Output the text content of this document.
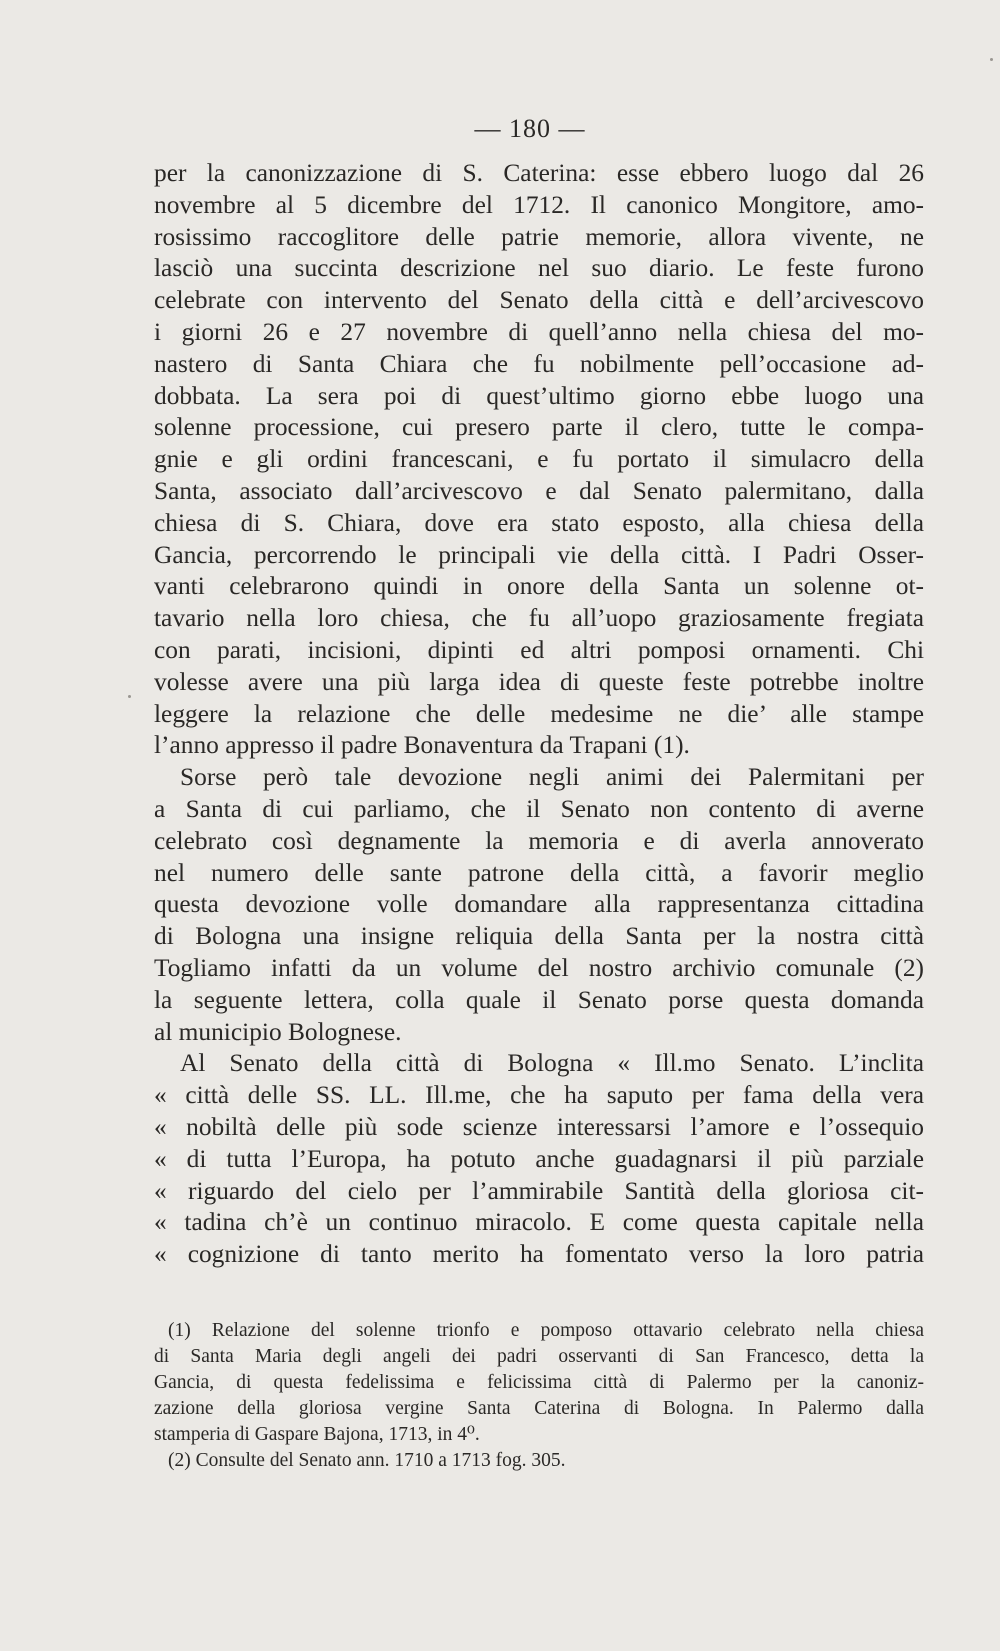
— 180 —
per la canonizzazione di S. Caterina: esse ebbero luogo dal 26
novembre al 5 dicembre del 1712. Il canonico Mongitore, amo-
rosissimo raccoglitore delle patrie memorie, allora vivente, ne
lasciò una succinta descrizione nel suo diario. Le feste furono
celebrate con intervento del Senato della città e dell’arcivescovo
i giorni 26 e 27 novembre di quell’anno nella chiesa del mo-
nastero di Santa Chiara che fu nobilmente pell’occasione ad-
dobbata. La sera poi di quest’ultimo giorno ebbe luogo una
solenne processione, cui presero parte il clero, tutte le compa-
gnie e gli ordini francescani, e fu portato il simulacro della
Santa, associato dall’arcivescovo e dal Senato palermitano, dalla
chiesa di S. Chiara, dove era stato esposto, alla chiesa della
Gancia, percorrendo le principali vie della città. I Padri Osser-
vanti celebrarono quindi in onore della Santa un solenne ot-
tavario nella loro chiesa, che fu all’uopo graziosamente fregiata
con parati, incisioni, dipinti ed altri pomposi ornamenti. Chi
volesse avere una più larga idea di queste feste potrebbe inoltre
leggere la relazione che delle medesime ne die’ alle stampe
l’anno appresso il padre Bonaventura da Trapani (1).
Sorse però tale devozione negli animi dei Palermitani per
a Santa di cui parliamo, che il Senato non contento di averne
celebrato così degnamente la memoria e di averla annoverato
nel numero delle sante patrone della città, a favorir meglio
questa devozione volle domandare alla rappresentanza cittadina
di Bologna una insigne reliquia della Santa per la nostra città
Togliamo infatti da un volume del nostro archivio comunale (2)
la seguente lettera, colla quale il Senato porse questa domanda
al municipio Bolognese.
Al Senato della città di Bologna « Ill.mo Senato. L’inclita
« città delle SS. LL. Ill.me, che ha saputo per fama della vera
« nobiltà delle più sode scienze interessarsi l’amore e l’ossequio
« di tutta l’Europa, ha potuto anche guadagnarsi il più parziale
« riguardo del cielo per l’ammirabile Santità della gloriosa cit-
« tadina ch’è un continuo miracolo. E come questa capitale nella
« cognizione di tanto merito ha fomentato verso la loro patria
(1) Relazione del solenne trionfo e pomposo ottavario celebrato nella chiesa
di Santa Maria degli angeli dei padri osservanti di San Francesco, detta la
Gancia, di questa fedelissima e felicissima città di Palermo per la canoniz-
zazione della gloriosa vergine Santa Caterina di Bologna. In Palermo dalla
stamperia di Gaspare Bajona, 1713, in 4⁰.
(2) Consulte del Senato ann. 1710 a 1713 fog. 305.
